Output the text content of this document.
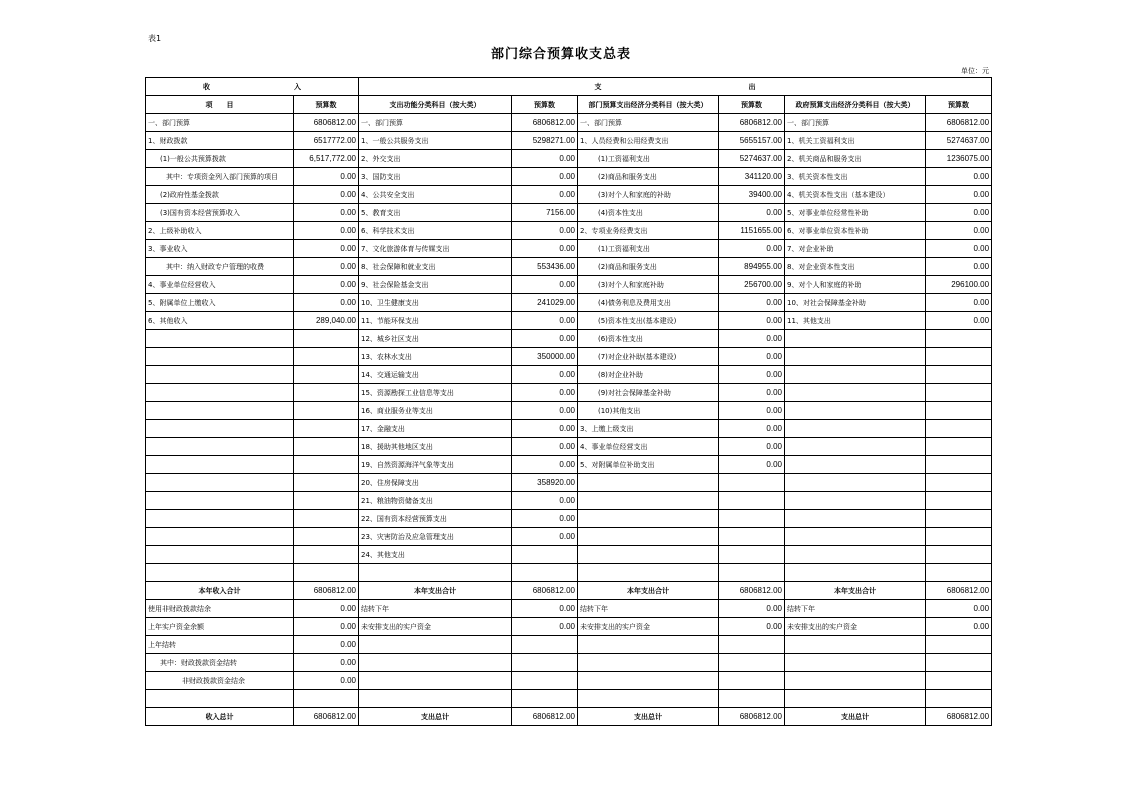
表1
部门综合预算收支总表
单位：元
收　　　　　　　　　　　　入		支　　　　　　　　　　　　　　　　　　　　　出					
项　　目	预算数	支出功能分类科目（按大类）	预算数	部门预算支出经济分类科目（按大类）	预算数	政府预算支出经济分类科目（按大类）	预算数
一、部门预算	6806812.00	一、部门预算	6806812.00	一、部门预算	6806812.00	一、部门预算	6806812.00
1、财政拨款	6517772.00	1、一般公共服务支出	5298271.00	1、人员经费和公用经费支出	5655157.00	1、机关工资福利支出	5274637.00
(1)一般公共预算拨款	6,517,772.00	2、外交支出	0.00	(1)工资福利支出	5274637.00	2、机关商品和服务支出	1236075.00
其中：专项资金列入部门预算的项目	0.00	3、国防支出	0.00	(2)商品和服务支出	341120.00	3、机关资本性支出	0.00
(2)政府性基金拨款	0.00	4、公共安全支出	0.00	(3)对个人和家庭的补助	39400.00	4、机关资本性支出（基本建设）	0.00
(3)国有资本经营预算收入	0.00	5、教育支出	7156.00	(4)资本性支出	0.00	5、对事业单位经常性补助	0.00
2、上级补助收入	0.00	6、科学技术支出	0.00	2、专项业务经费支出	1151655.00	6、对事业单位资本性补助	0.00
3、事业收入	0.00	7、文化旅游体育与传媒支出	0.00	(1)工资福利支出	0.00	7、对企业补助	0.00
其中：纳入财政专户管理的收费	0.00	8、社会保障和就业支出	553436.00	(2)商品和服务支出	894955.00	8、对企业资本性支出	0.00
4、事业单位经营收入	0.00	9、社会保险基金支出	0.00	(3)对个人和家庭补助	256700.00	9、对个人和家庭的补助	296100.00
5、附属单位上缴收入	0.00	10、卫生健康支出	241029.00	(4)债务利息及费用支出	0.00	10、对社会保障基金补助	0.00
6、其他收入	289,040.00	11、节能环保支出	0.00	(5)资本性支出(基本建设)	0.00	11、其他支出	0.00
		12、城乡社区支出	0.00	(6)资本性支出	0.00		
		13、农林水支出	350000.00	(7)对企业补助(基本建设)	0.00		
		14、交通运输支出	0.00	(8)对企业补助	0.00		
		15、资源勘探工业信息等支出	0.00	(9)对社会保障基金补助	0.00		
		16、商业服务业等支出	0.00	(10)其他支出	0.00		
		17、金融支出	0.00	3、上缴上级支出	0.00		
		18、援助其他地区支出	0.00	4、事业单位经营支出	0.00		
		19、自然资源海洋气象等支出	0.00	5、对附属单位补助支出	0.00		
		20、住房保障支出	358920.00				
		21、粮油物资储备支出	0.00				
		22、国有资本经营预算支出	0.00				
		23、灾害防治及应急管理支出	0.00				
		24、其他支出					

本年收入合计	6806812.00	本年支出合计	6806812.00	本年支出合计	6806812.00	本年支出合计	6806812.00
使用非财政拨款结余	0.00	结转下年	0.00	结转下年	0.00	结转下年	0.00
上年实户资金余额	0.00	未安排支出的实户资金	0.00	未安排支出的实户资金	0.00	未安排支出的实户资金	0.00
上年结转	0.00						
其中：财政拨款资金结转	0.00						
非财政拨款资金结余	0.00						

收入总计	6806812.00	支出总计	6806812.00	支出总计	6806812.00	支出总计	6806812.00
